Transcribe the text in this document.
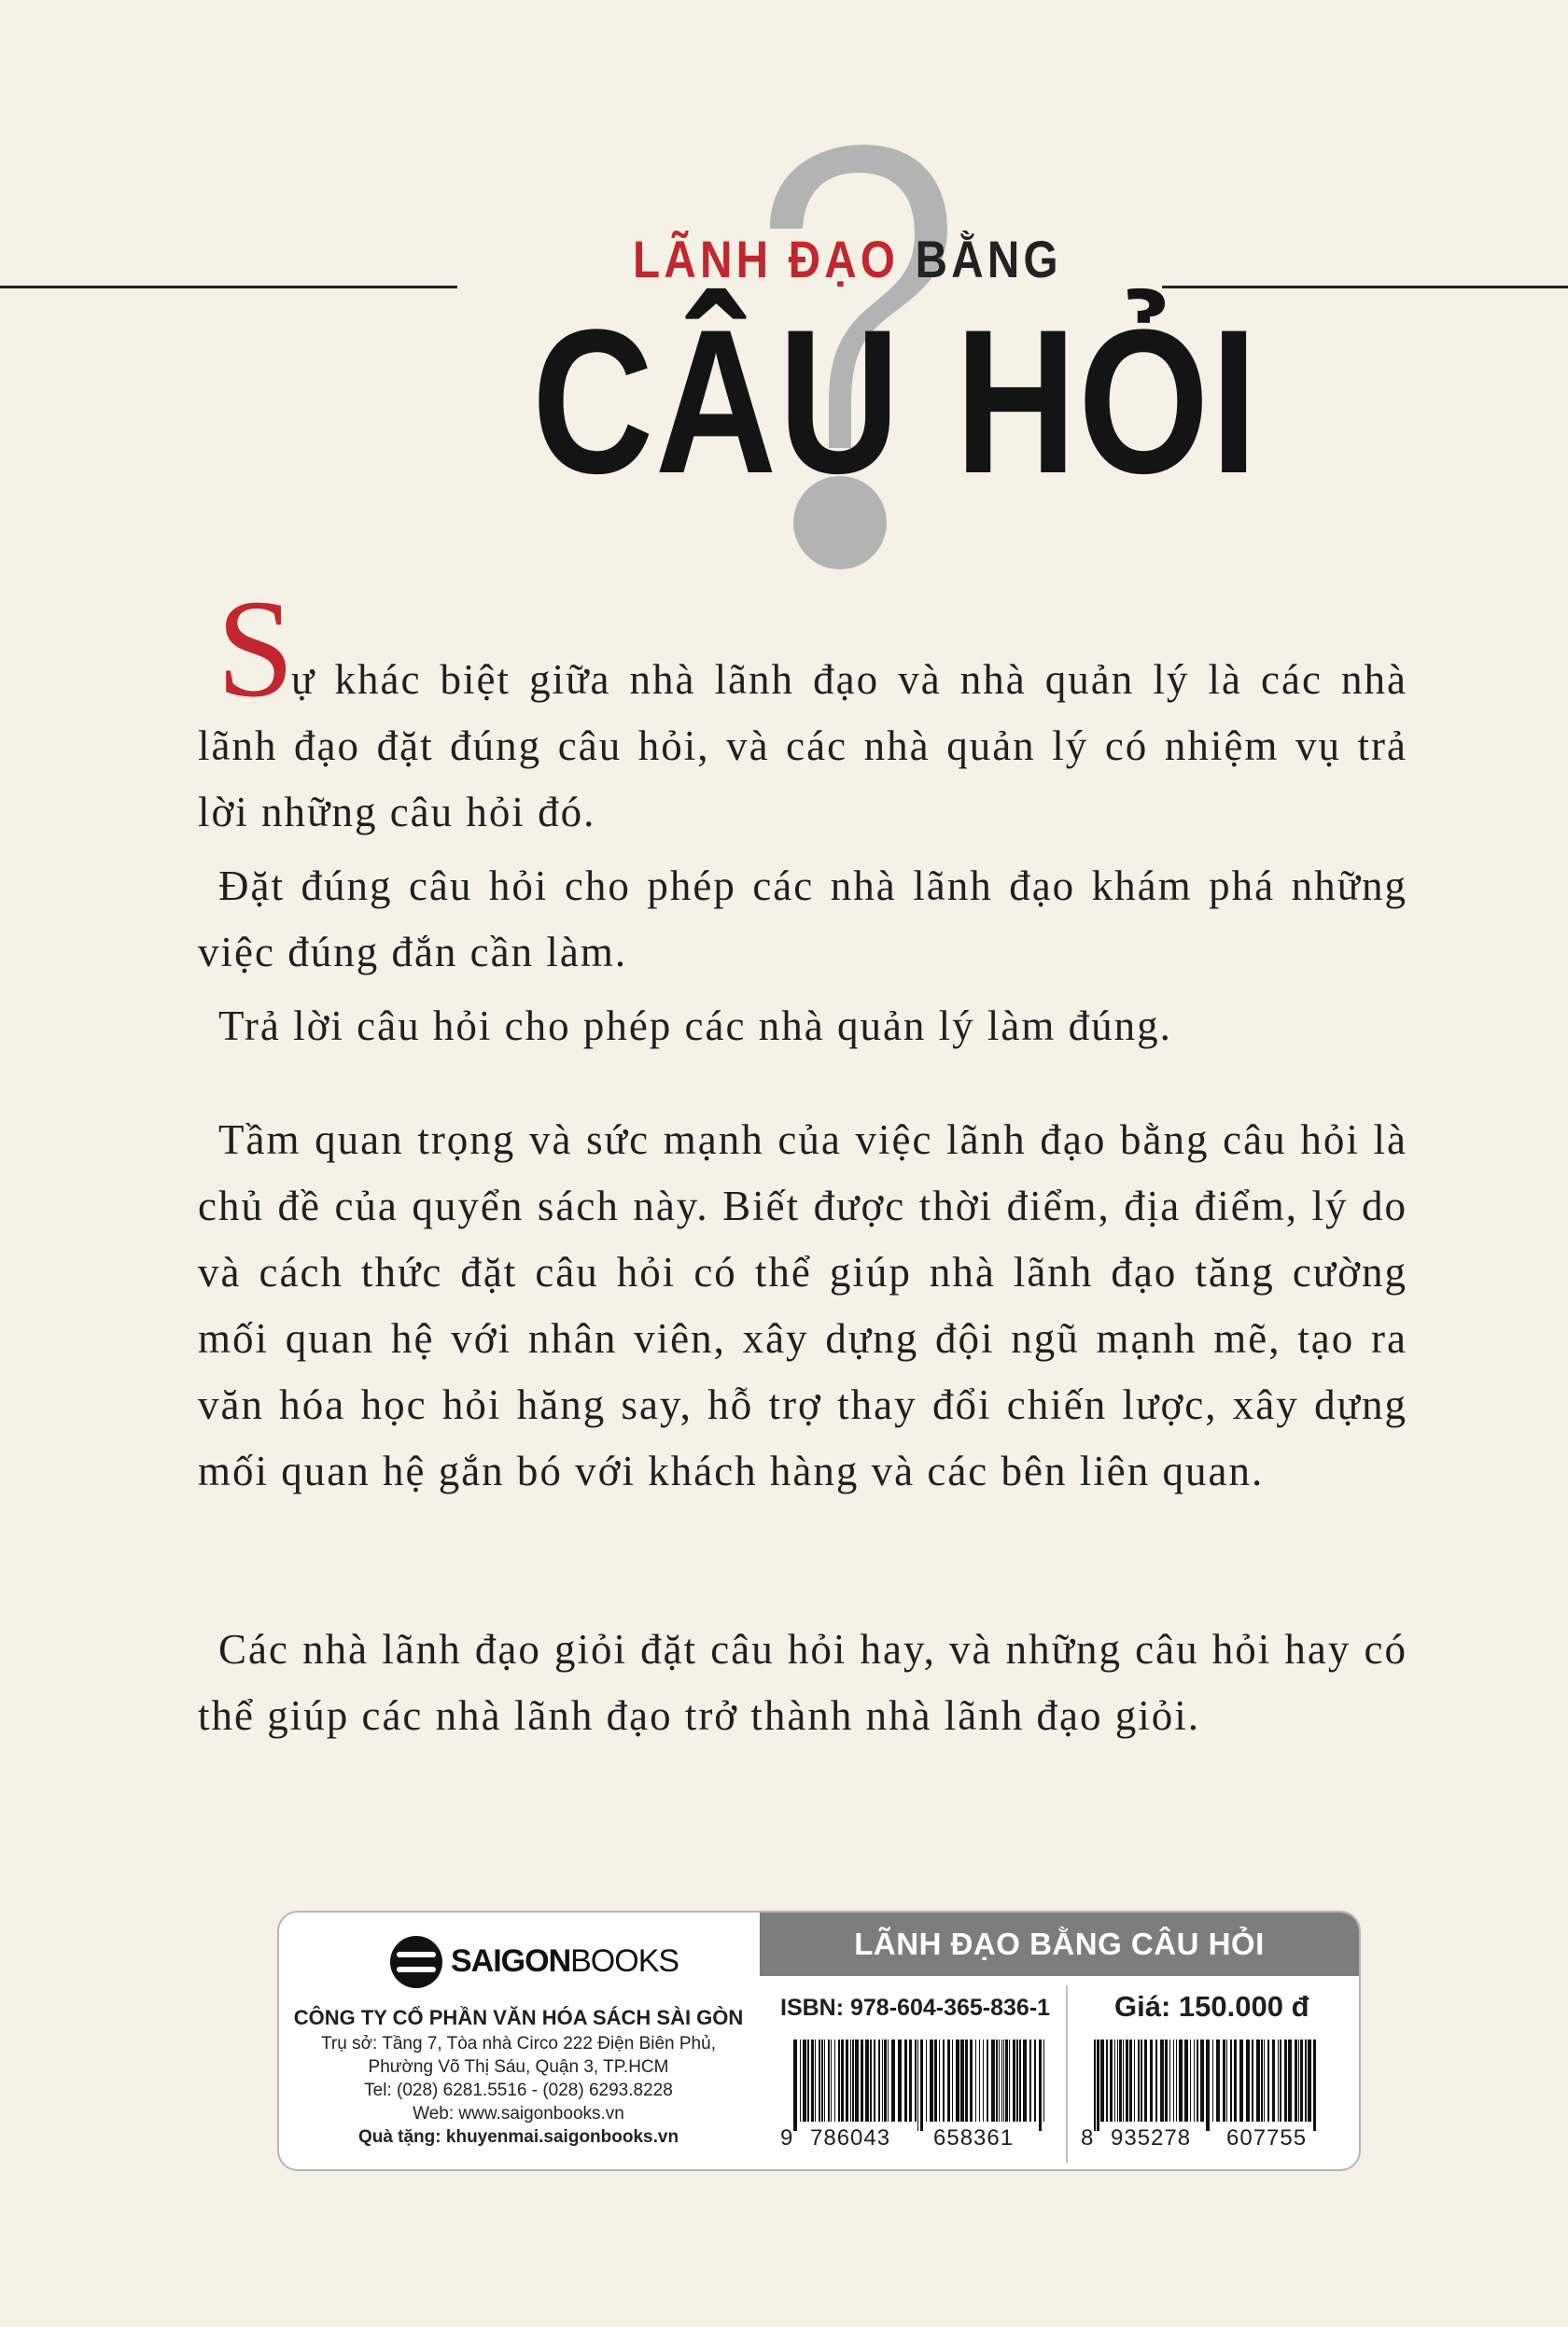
LÃNH ĐẠO BẰNG
CÂU HỎI
S

ự khác biệt giữa nhà lãnh đạo và nhà quản lý là các nhà lãnh đạo đặt đúng câu hỏi, và các nhà quản lý có nhiệm vụ trả lời những câu hỏi đó.

Đặt đúng câu hỏi cho phép các nhà lãnh đạo khám phá những việc đúng đắn cần làm.

Trả lời câu hỏi cho phép các nhà quản lý làm đúng.

Tầm quan trọng và sức mạnh của việc lãnh đạo bằng câu hỏi là chủ đề của quyển sách này. Biết được thời điểm, địa điểm, lý do và cách thức đặt câu hỏi có thể giúp nhà lãnh đạo tăng cường mối quan hệ với nhân viên, xây dựng đội ngũ mạnh mẽ, tạo ra văn hóa học hỏi hăng say, hỗ trợ thay đổi chiến lược, xây dựng mối quan hệ gắn bó với khách hàng và các bên liên quan.

Các nhà lãnh đạo giỏi đặt câu hỏi hay, và những câu hỏi hay có thể giúp các nhà lãnh đạo trở thành nhà lãnh đạo giỏi.

SAIGONBOOKS
CÔNG TY CỔ PHẦN VĂN HÓA SÁCH SÀI GÒN
Trụ sở: Tầng 7, Tòa nhà Circo 222 Điện Biên Phủ,
Phường Võ Thị Sáu, Quận 3, TP.HCM
Tel: (028) 6281.5516 - (028) 6293.8228
Web: www.saigonbooks.vn
Quà tặng: khuyenmai.saigonbooks.vn
LÃNH ĐẠO BẰNG CÂU HỎI
ISBN: 978-604-365-836-1 Giá: 150.000 đ
9 786043 658361	8 935278 607755
